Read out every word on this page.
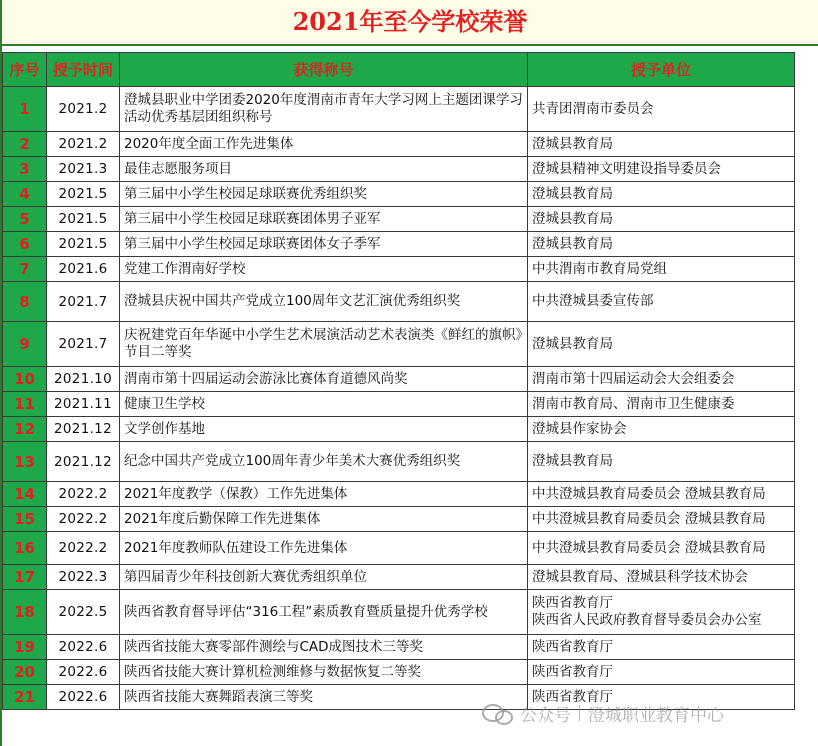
2021年至今学校荣誉
序号	授予时间	获得称号	授予单位
1	2021.2	澄城县职业中学团委2020年度渭南市青年大学习网上主题团课学习活动优秀基层团组织称号	共青团渭南市委员会
2	2021.2	2020年度全面工作先进集体	澄城县教育局
3	2021.3	最佳志愿服务项目	澄城县精神文明建设指导委员会
4	2021.5	第三届中小学生校园足球联赛优秀组织奖	澄城县教育局
5	2021.5	第三届中小学生校园足球联赛团体男子亚军	澄城县教育局
6	2021.5	第三届中小学生校园足球联赛团体女子季军	澄城县教育局
7	2021.6	党建工作渭南好学校	中共渭南市教育局党组
8	2021.7	澄城县庆祝中国共产党成立100周年文艺汇演优秀组织奖	中共澄城县委宣传部
9	2021.7	庆祝建党百年华诞中小学生艺术展演活动艺术表演类《鲜红的旗帜》节目二等奖	澄城县教育局
10	2021.10	渭南市第十四届运动会游泳比赛体育道德风尚奖	渭南市第十四届运动会大会组委会
11	2021.11	健康卫生学校	渭南市教育局、渭南市卫生健康委
12	2021.12	文学创作基地	澄城县作家协会
13	2021.12	纪念中国共产党成立100周年青少年美术大赛优秀组织奖	澄城县教育局
14	2022.2	2021年度教学（保教）工作先进集体	中共澄城县教育局委员会 澄城县教育局
15	2022.2	2021年度后勤保障工作先进集体	中共澄城县教育局委员会 澄城县教育局
16	2022.2	2021年度教师队伍建设工作先进集体	中共澄城县教育局委员会 澄城县教育局
17	2022.3	第四届青少年科技创新大赛优秀组织单位	澄城县教育局、澄城县科学技术协会
18	2022.5	陕西省教育督导评估“316工程”素质教育暨质量提升优秀学校	陕西省教育厅
陕西省人民政府教育督导委员会办公室
19	2022.6	陕西省技能大赛零部件测绘与CAD成图技术三等奖	陕西省教育厅
20	2022.6	陕西省技能大赛计算机检测维修与数据恢复二等奖	陕西省教育厅
21	2022.6	陕西省技能大赛舞蹈表演三等奖	陕西省教育厅
公众号 澄城职业教育中心
